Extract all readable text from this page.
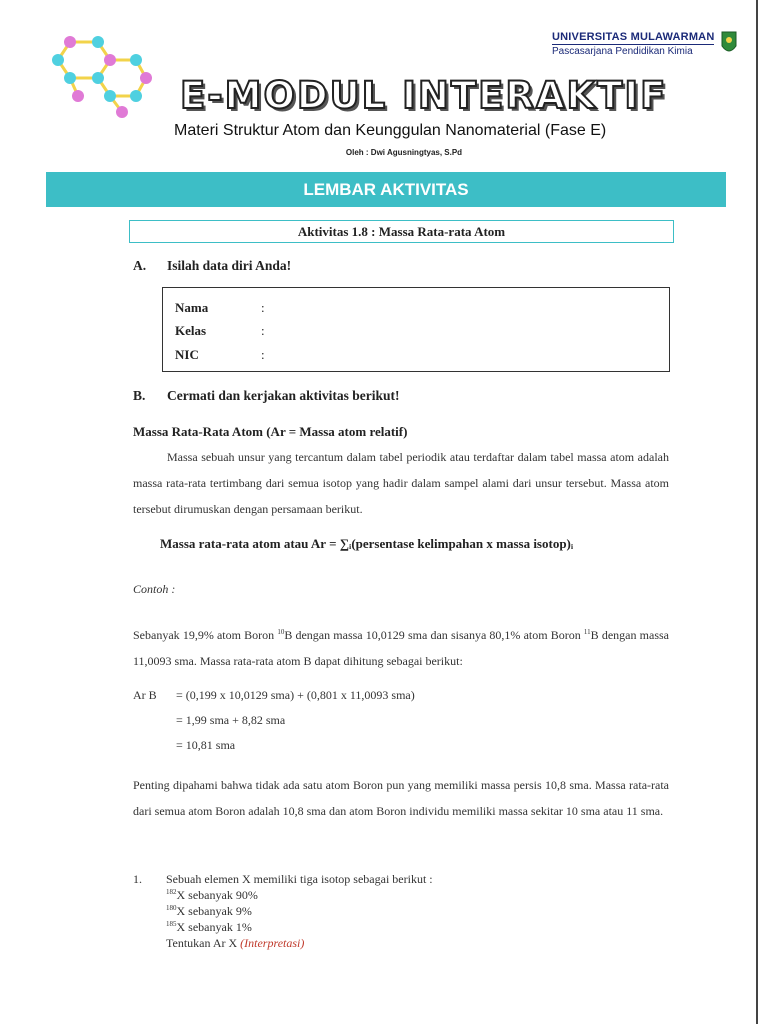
UNIVERSITAS MULAWARMAN
Pascasarjana Pendidikan Kimia
E-MODUL INTERAKTIF
Materi Struktur Atom dan Keunggulan Nanomaterial (Fase E)
Oleh : Dwi Agusningtyas, S.Pd
LEMBAR AKTIVITAS
Aktivitas 1.8 : Massa Rata-rata Atom
A. Isilah data diri Anda!
Nama	:
Kelas	:
NIC	:
B. Cermati dan kerjakan aktivitas berikut!
Massa Rata-Rata Atom (Ar = Massa atom relatif)
Massa sebuah unsur yang tercantum dalam tabel periodik atau terdaftar dalam tabel massa atom adalah massa rata-rata tertimbang dari semua isotop yang hadir dalam sampel alami dari unsur tersebut. Massa atom tersebut dirumuskan dengan persamaan berikut.
Massa rata-rata atom atau Ar = ∑ᵢ(persentase kelimpahan x massa isotop)ᵢ
Contoh :
Sebanyak 19,9% atom Boron $^{10}$B dengan massa 10,0129 sma dan sisanya 80,1% atom Boron $^{11}$B dengan massa 11,0093 sma. Massa rata-rata atom B dapat dihitung sebagai berikut:
Ar B = (0,199 x 10,0129 sma) + (0,801 x 11,0093 sma)
= 1,99 sma + 8,82 sma
= 10,81 sma
Penting dipahami bahwa tidak ada satu atom Boron pun yang memiliki massa persis 10,8 sma. Massa rata-rata dari semua atom Boron adalah 10,8 sma dan atom Boron individu memiliki massa sekitar 10 sma atau 11 sma.
1. Sebuah elemen X memiliki tiga isotop sebagai berikut :
$^{182}$X sebanyak 90%
$^{180}$X sebanyak 9%
$^{185}$X sebanyak 1%
Tentukan Ar X (Interpretasi)
